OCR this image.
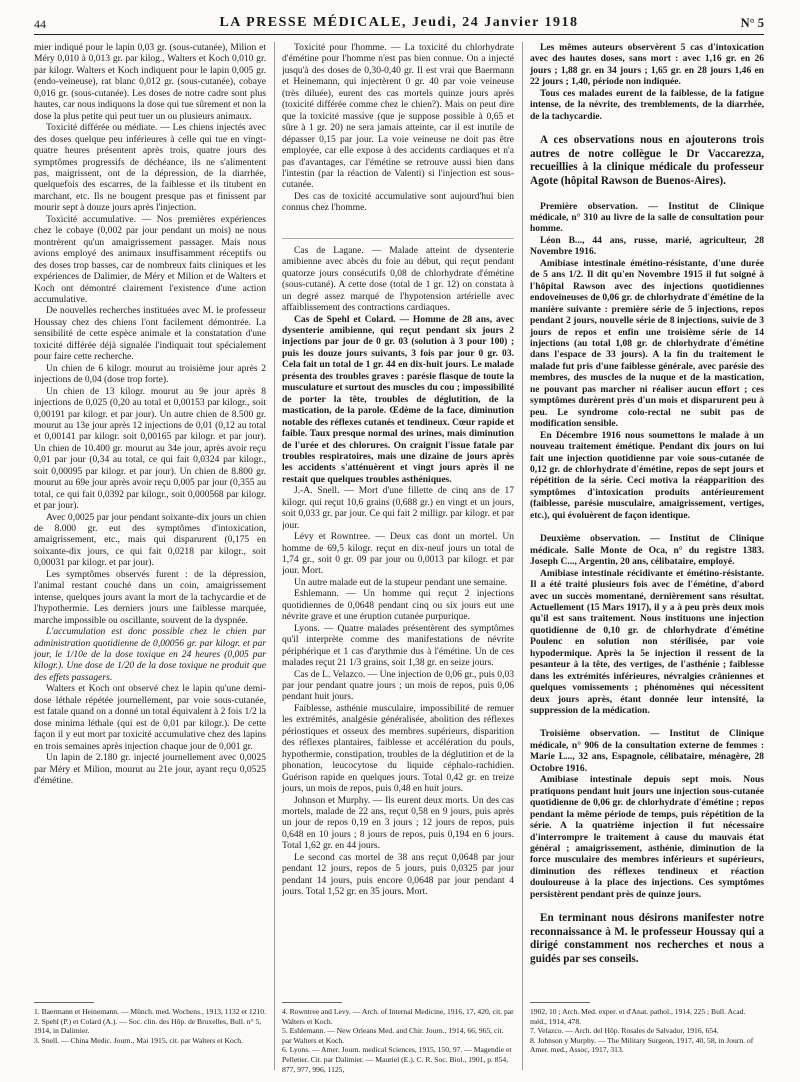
44	LA PRESSE MÉDICALE, Jeudi, 24 Janvier 1918	N° 5

mier indiqué pour le lapin 0,03 gr. (sous-cutanée), Milion et Méry 0,010 à 0,013 gr. par kilog., Walters et Koch 0,010 gr. par kilogr. Walters et Koch indiquent pour le lapin 0,005 gr. (endo-veineuse), rat blanc 0,012 gr. (sous-cutanée), cobaye 0,016 gr. (sous-cutanée). Les doses de notre cadre sont plus hautes, car nous indiquons la dose qui tue sûrement et non la dose la plus petite qui peut tuer un ou plusieurs animaux.

Toxicité différée ou médiate. — Les chiens injectés avec des doses quelque peu inférieures à celle qui tue en vingt-quatre heures présentent après trois, quatre jours des symptômes progressifs de déchéance, ils ne s'alimentent pas, maigrissent, ont de la dépression, de la diarrhée, quelquefois des escarres, de la faiblesse et ils titubent en marchant, etc. Ils ne bougent presque pas et finissent par mourir sept à douze jours après l'injection.

Toxicité accumulative. — Nos premières expériences chez le cobaye (0,002 par jour pendant un mois) ne nous montrèrent qu'un amaigrissement passager. Mais nous avions employé des animaux insuffisamment réceptifs ou des doses trop basses, car de nombreux faits cliniques et les expériences de Dalimier, de Méry et Milion et de Walters et Koch ont démontré clairement l'existence d'une action accumulative.

De nouvelles recherches instituées avec M. le professeur Houssay chez des chiens l'ont facilement démontrée. La sensibilité de cette espèce animale et la constatation d'une toxicité différée déjà signalée l'indiquait tout spécialement pour faire cette recherche.

Un chien de 6 kilogr. mourut au troisième jour après 2 injections de 0,04 (dose trop forte).

Un chien de 13 kilogr. mourut au 9e jour après 8 injections de 0,025 (0,20 au total et 0,00153 par kilogr., soit 0,00191 par kilogr. et par jour). Un autre chien de 8.500 gr. mourut au 13e jour après 12 injections de 0,01 (0,12 au total et 0,00141 par kilogr. soit 0,00165 par kilogr. et par jour). Un chien de 10.400 gr. mourut au 34e jour, après avoir reçu 0,01 par jour (0,34 au total, ce qui fait 0,0324 par kilogr., soit 0,00095 par kilogr. et par jour). Un chien de 8.800 gr. mourut au 69e jour après avoir reçu 0,005 par jour (0,355 au total, ce qui fait 0,0392 par kilogr., soit 0,000568 par kilogr. et par jour).

Avec 0,0025 par jour pendant soixante-dix jours un chien de 8.000 gr. eut des symptômes d'intoxication, amaigrissement, etc., mais qui disparurent (0,175 en soixante-dix jours, ce qui fait 0,0218 par kilogr., soit 0,00031 par kilogr. et par jour).

Les symptômes observés furent : de la dépression, l'animal restant couché dans un coin, amaigrissement intense, quelques jours avant la mort de la tachycardie et de l'hypothermie. Les derniers jours une faiblesse marquée, marche impossible ou oscillante, souvent de la dyspnée.

L'accumulation est donc possible chez le chien par administration quotidienne de 0,00056 gr. par kilogr. et par jour, le 1/10e de la dose toxique en 24 heures (0,005 par kilogr.). Une dose de 1/20 de la dose toxique ne produit que des effets passagers.

Walters et Koch ont observé chez le lapin qu'une demi-dose léthale répétée journellement, par voie sous-cutanée, est fatale quand on a donné un total équivalent à 2 fois 1/2 la dose minima léthale (qui est de 0,01 par kilogr.). De cette façon il y eut mort par toxicité accumulative chez des lapins en trois semaines après injection chaque jour de 0,001 gr.

Un lapin de 2.180 gr. injecté journellement avec 0,0025 par Méry et Milion, mourut au 21e jour, ayant reçu 0,0525 d'émétine.

Toxicité pour l'homme. — La toxicité du chlorhydrate d'émétine pour l'homme n'est pas bien connue. On a injecté jusqu'à des doses de 0,30-0,40 gr. Il est vrai que Baermann et Heinemann, qui injectèrent 0 gr. 40 par voie veineuse (très diluée), eurent des cas mortels quinze jours après (toxicité différée comme chez le chien?). Mais on peut dire que la toxicité massive (que je suppose possible à 0,65 et sûre à 1 gr. 20) ne sera jamais atteinte, car il est inutile de dépasser 0,15 par jour. La voie veineuse ne doit pas être employée, car elle expose à des accidents cardiaques et n'a pas d'avantages, car l'émétine se retrouve aussi bien dans l'intestin (par la réaction de Valenti) si l'injection est sous-cutanée.

Des cas de toxicité accumulative sont aujourd'hui bien connus chez l'homme.

Cas de Lagane. — Malade atteint de dysenterie amibienne avec abcès du foie au début, qui reçut pendant quatorze jours consécutifs 0,08 de chlorhydrate d'émétine (sous-cutané). A cette dose (total de 1 gr. 12) on constata à un degré assez marqué de l'hypotension artérielle avec affaiblissement des contractions cardiaques.

Cas de Spehl et Colard. — Homme de 28 ans, avec dysenterie amibienne, qui reçut pendant six jours 2 injections par jour de 0 gr. 03 (solution à 3 pour 100) ; puis les douze jours suivants, 3 fois par jour 0 gr. 03. Cela fait un total de 1 gr. 44 en dix-huit jours. Le malade présenta des troubles graves : parésie flasque de toute la musculature et surtout des muscles du cou ; impossibilité de porter la tête, troubles de déglutition, de la mastication, de la parole. Œdème de la face, diminution notable des réflexes cutanés et tendineux. Cœur rapide et faible. Taux presque normal des urines, mais diminution de l'urée et des chlorures. On craignit l'issue fatale par troubles respiratoires, mais une dizaine de jours après les accidents s'atténuèrent et vingt jours après il ne restait que quelques troubles asthéniques.

J.-A. Snell. — Mort d'une fillette de cinq ans de 17 kilogr. qui reçut 10,6 grains (0,688 gr.) en vingt et un jours, soit 0,033 gr. par jour. Ce qui fait 2 milligr. par kilogr. et par jour.

Lévy et Rowntree. — Deux cas dont un mortel. Un homme de 69,5 kilogr. reçut en dix-neuf jours un total de 1,74 gr., soit 0 gr. 09 par jour ou 0,0013 par kilogr. et par jour. Mort.

Un autre malade eut de la stupeur pendant une semaine.

Eshlemann. — Un homme qui reçut 2 injections quotidiennes de 0,0648 pendant cinq ou six jours eut une névrite grave et une éruption cutanée purpurique.

Lyons. — Quatre malades présentèrent des symptômes qu'il interprète comme des manifestations de névrite périphérique et 1 cas d'arythmie dus à l'émétine. Un de ces malades reçut 21 1/3 grains, soit 1,38 gr. en seize jours.

Cas de L. Velazco. — Une injection de 0,06 gr., puis 0,03 par jour pendant quatre jours ; un mois de repos, puis 0,06 pendant huit jours.

Faiblesse, asthénie musculaire, impossibilité de remuer les extrémités, analgésie généralisée, abolition des réflexes périostiques et osseux des membres supérieurs, disparition des réflexes plantaires, faiblesse et accélération du pouls, hypothermie, constipation, troubles de la déglutition et de la phonation, leucocytose du liquide céphalo-rachidien. Guérison rapide en quelques jours. Total 0,42 gr. en treize jours, un mois de repos, puis 0,48 en huit jours.

Johnson et Murphy. — Ils eurent deux morts. Un des cas mortels, malade de 22 ans, reçut 0,58 en 9 jours, puis après un jour de repos 0,19 en 3 jours ; 12 jours de repos, puis 0,648 en 10 jours ; 8 jours de repos, puis 0,194 en 6 jours. Total 1,62 gr. en 44 jours.

Le second cas mortel de 38 ans reçut 0,0648 par jour pendant 12 jours, repos de 5 jours, puis 0,0325 par jour pendant 14 jours, puis encore 0,0648 par jour pendant 4 jours. Total 1,52 gr. en 35 jours. Mort.

Les mêmes auteurs observèrent 5 cas d'intoxication avec des hautes doses, sans mort : avec 1,16 gr. en 26 jours ; 1,88 gr. en 34 jours ; 1,65 gr. en 28 jours 1,46 en 22 jours ; 1,40, période non indiquée.

Tous ces malades eurent de la faiblesse, de la fatigue intense, de la névrite, des tremblements, de la diarrhée, de la tachycardie.

A ces observations nous en ajouterons trois autres de notre collègue le Dr Vaccarezza, recueillies à la clinique médicale du professeur Agote (hôpital Rawson de Buenos-Aires).

Première observation. — Institut de Clinique médicale, n° 310 au livre de la salle de consultation pour homme.

Léon B..., 44 ans, russe, marié, agriculteur, 28 Novembre 1916.

Amibiase intestinale émétino-résistante, d'une durée de 5 ans 1/2. Il dit qu'en Novembre 1915 il fut soigné à l'hôpital Rawson avec des injections quotidiennes endoveineuses de 0,06 gr. de chlorhydrate d'émétine de la manière suivante : première série de 5 injections, repos pendant 2 jours, nouvelle série de 8 injections, suivie de 3 jours de repos et enfin une troisième série de 14 injections (au total 1,08 gr. de chlorhydrate d'émétine dans l'espace de 33 jours). A la fin du traitement le malade fut pris d'une faiblesse générale, avec parésie des membres, des muscles de la nuque et de la mastication, ne pouvant pas marcher ni réaliser aucun effort ; ces symptômes durèrent près d'un mois et disparurent peu à peu. Le syndrome colo-rectal ne subit pas de modification sensible.

En Décembre 1916 nous soumettons le malade à un nouveau traitement émétique. Pendant dix jours on lui fait une injection quotidienne par voie sous-cutanée de 0,12 gr. de chlorhydrate d'émétine, repos de sept jours et répétition de la série. Ceci motiva la réapparition des symptômes d'intoxication produits antérieurement (faiblesse, parésie musculaire, amaigrissement, vertiges, etc.), qui évoluèrent de façon identique.

Deuxième observation. — Institut de Clinique médicale. Salle Monte de Oca, n° du registre 1383. Joseph C..., Argentin, 20 ans, célibataire, employé.

Amibiase intestinale récidivante et émétino-résistante. Il a été traité plusieurs fois avec de l'émétine, d'abord avec un succès momentané, dernièrement sans résultat. Actuellement (15 Mars 1917), il y a à peu près deux mois qu'il est sans traitement. Nous instituons une injection quotidienne de 0,10 gr. de chlorhydrate d'émétine Poulenc en solution non stérilisée, par voie hypodermique. Après la 5e injection il ressent de la pesanteur à la tête, des vertiges, de l'asthénie ; faiblesse dans les extrémités inférieures, névralgies crâniennes et quelques vomissements ; phénomènes qui nécessitent deux jours après, étant donnée leur intensité, la suppression de la médication.

Troisième observation. — Institut de Clinique médicale, n° 906 de la consultation externe de femmes : Marie L..., 32 ans, Espagnole, célibataire, ménagère, 28 Octobre 1916.

Amibiase intestinale depuis sept mois. Nous pratiquons pendant huit jours une injection sous-cutanée quotidienne de 0,06 gr. de chlorhydrate d'émétine ; repos pendant la même période de temps, puis répétition de la série. A la quatrième injection il fut nécessaire d'interrompre le traitement à cause du mauvais état général ; amaigrissement, asthénie, diminution de la force musculaire des membres inférieurs et supérieurs, diminution des réflexes tendineux et réaction douloureuse à la place des injections. Ces symptômes persistèrent pendant près de quinze jours.

En terminant nous désirons manifester notre reconnaissance à M. le professeur Houssay qui a dirigé constamment nos recherches et nous a guidés par ses conseils.

1. Baermann et Heinemann. — Münch. med. Wochens., 1913, 1132 et 1210.

2. Spehl (P.) et Colard (A.). — Soc. clin. des Hôp. de Bruxelles, Bull. n° 5, 1914, in Dalimier.

3. Snell. — China Medic. Journ., Mai 1915, cit. par Walters et Koch.

4. Rowntree and Levy. — Arch. of Internal Medicine, 1916, 17, 420, cit. par Walters et Koch.

5. Eshlemann. — New Orleans Med. and Chir. Journ., 1914, 66, 965, cit. par Walters et Koch.

6. Lyons. — Amer. Journ. medical Sciences, 1915, 150, 97. — Magendie et Pelletier. Cit. par Dalimier. — Mauriel (E.). C. R. Soc. Biol., 1901, p. 854, 877, 977, 996, 1125,

1902, 10 ; Arch. Med. exper. et d'Anat. pathol., 1914, 225 ; Bull. Acad. méd., 1914, 478.

7. Velazco. — Arch. del Hôp. Rosales de Salvador, 1916, 654.

8. Johnson y Murphy. — The Military Surgeon, 1917, 40, 58, in Journ. of Amer. med., Assoc, 1917, 313.
